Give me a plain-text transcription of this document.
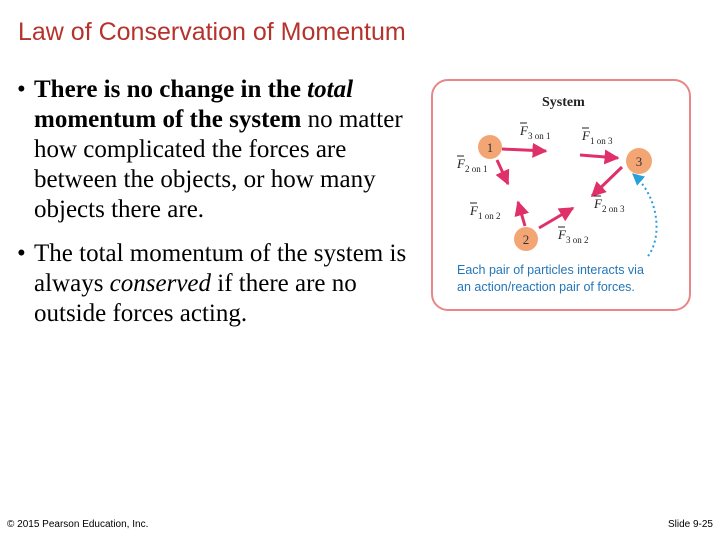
Law of Conservation of Momentum
• There is no change in the total momentum of the system no matter how complicated the forces are between the objects, or how many objects there are.
• The total momentum of the system is always conserved if there are no outside forces acting.
System
1
2
3
F 3 on 1 F 1 on 3
F 2 on 1
F 1 on 2
F 2 on 3
F 3 on 2
Each pair of particles interacts via
an action/reaction pair of forces.
© 2015 Pearson Education, Inc.	Slide 9-25
